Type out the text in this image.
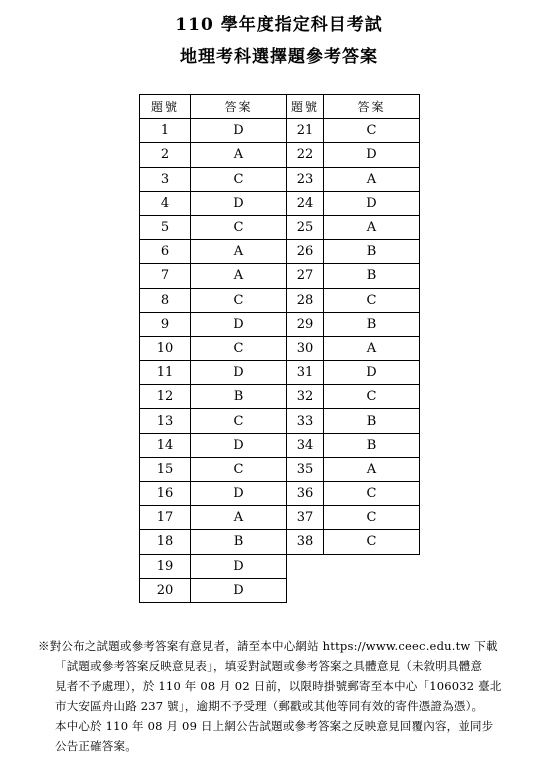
110 學年度指定科目考試
地理考科選擇題參考答案
題號	答案	題號	答案
1	D	21	C
2	A	22	D
3	C	23	A
4	D	24	D
5	C	25	A
6	A	26	B
7	A	27	B
8	C	28	C
9	D	29	B
10	C	30	A
11	D	31	D
12	B	32	C
13	C	33	B
14	D	34	B
15	C	35	A
16	D	36	C
17	A	37	C
18	B	38	C
19	D		
20	D		
※對公布之試題或參考答案有意見者，請至本中心網站 https://www.ceec.edu.tw 下載
「試題或參考答案反映意見表」，填妥對試題或參考答案之具體意見（未敘明具體意
見者不予處理），於 110 年 08 月 02 日前，以限時掛號郵寄至本中心「106032 臺北
市大安區舟山路 237 號」，逾期不予受理（郵戳或其他等同有效的寄件憑證為憑）。
本中心於 110 年 08 月 09 日上網公告試題或參考答案之反映意見回覆內容，並同步
公告正確答案。
